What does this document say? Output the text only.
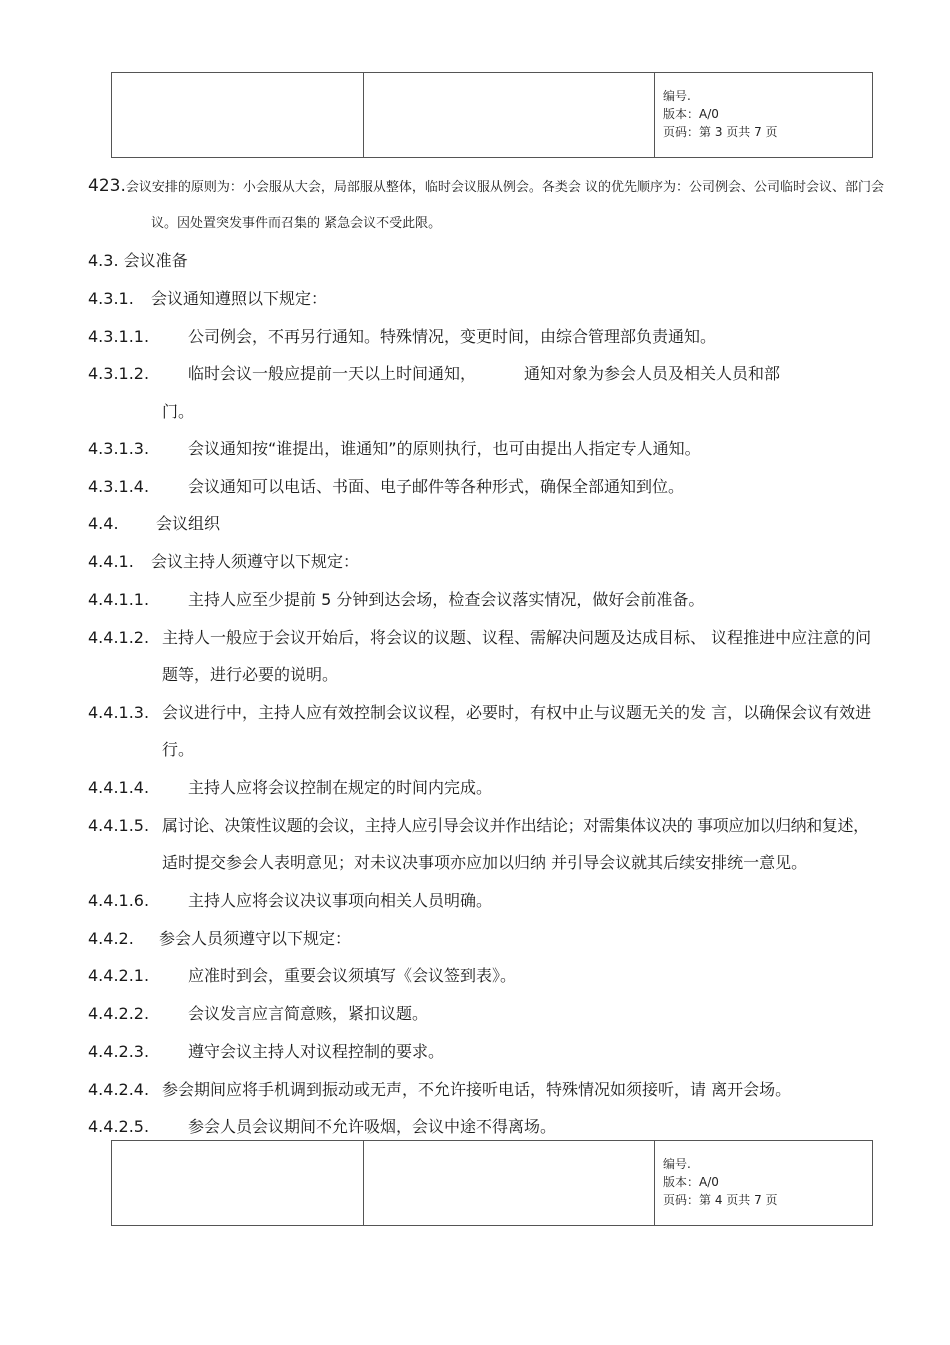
编号.
版本：A/0
页码：第 3 页共 7 页
423.会议安排的原则为：小会服从大会，局部服从整体，临时会议服从例会。各类会 议的优先顺序为：公司例会、公司临时会议、部门会
议。因处置突发事件而召集的 紧急会议不受此限。
4.3. 会议准备
4.3.1. 会议通知遵照以下规定：
4.3.1.1. 公司例会，不再另行通知。特殊情况，变更时间，由综合管理部负责通知。
4.3.1.2. 临时会议一般应提前一天以上时间通知，	通知对象为参会人员及相关人员和部
门。
4.3.1.3. 会议通知按“谁提出，谁通知”的原则执行，也可由提出人指定专人通知。
4.3.1.4. 会议通知可以电话、书面、电子邮件等各种形式，确保全部通知到位。
4.4. 会议组织
4.4.1. 会议主持人须遵守以下规定：
4.4.1.1. 主持人应至少提前 5 分钟到达会场，检查会议落实情况，做好会前准备。
4.4.1.2. 主持人一般应于会议开始后，将会议的议题、议程、需解决问题及达成目标、 议程推进中应注意的问
题等，进行必要的说明。
4.4.1.3. 会议进行中，主持人应有效控制会议议程，必要时，有权中止与议题无关的发 言，以确保会议有效进
行。
4.4.1.4. 主持人应将会议控制在规定的时间内完成。
4.4.1.5. 属讨论、决策性议题的会议，主持人应引导会议并作出结论；对需集体议决的 事项应加以归纳和复述，
适时提交参会人表明意见；对未议决事项亦应加以归纳 并引导会议就其后续安排统一意见。
4.4.1.6. 主持人应将会议决议事项向相关人员明确。
4.4.2. 参会人员须遵守以下规定：
4.4.2.1. 应准时到会，重要会议须填写《会议签到表》。
4.4.2.2. 会议发言应言简意赅，紧扣议题。
4.4.2.3. 遵守会议主持人对议程控制的要求。
4.4.2.4. 参会期间应将手机调到振动或无声，不允许接听电话，特殊情况如须接听，请 离开会场。
4.4.2.5. 参会人员会议期间不允许吸烟，会议中途不得离场。
编号.
版本：A/0
页码：第 4 页共 7 页
